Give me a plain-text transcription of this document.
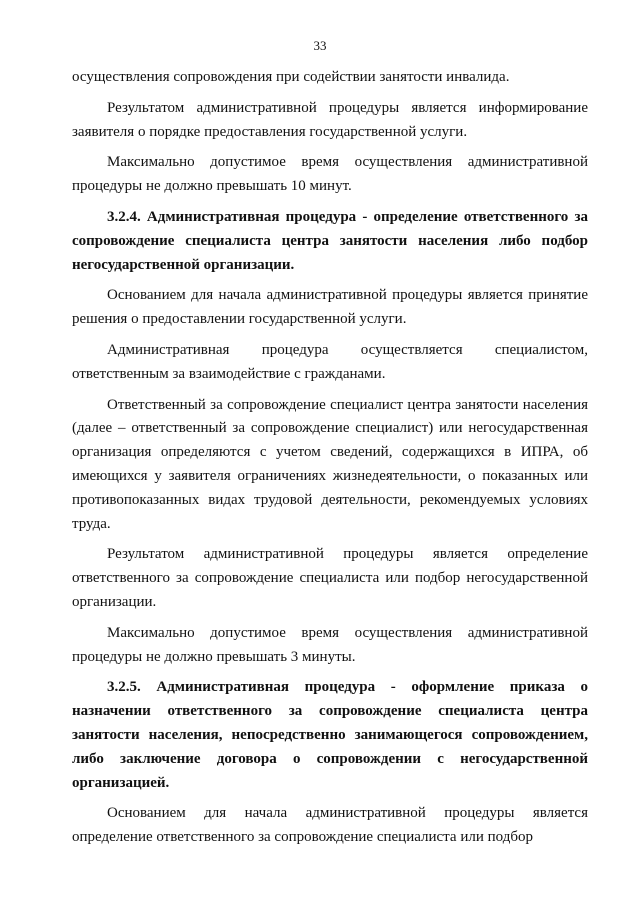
33

осуществления сопровождения при содействии занятости инвалида.

Результатом административной процедуры является информирование заявителя о порядке предоставления государственной услуги.

Максимально допустимое время осуществления административной процедуры не должно превышать 10 минут.

3.2.4. Административная процедура - определение ответственного за сопровождение специалиста центра занятости населения либо подбор негосударственной организации.

Основанием для начала административной процедуры является принятие решения о предоставлении государственной услуги.

Административная процедура осуществляется специалистом, ответственным за взаимодействие с гражданами.

Ответственный за сопровождение специалист центра занятости населения (далее – ответственный за сопровождение специалист) или негосударственная организация определяются с учетом сведений, содержащихся в ИПРА, об имеющихся у заявителя ограничениях жизнедеятельности, о показанных или противопоказанных видах трудовой деятельности, рекомендуемых условиях труда.

Результатом административной процедуры является определение ответственного за сопровождение специалиста или подбор негосударственной организации.

Максимально допустимое время осуществления административной процедуры не должно превышать 3 минуты.

3.2.5. Административная процедура - оформление приказа о назначении ответственного за сопровождение специалиста центра занятости населения, непосредственно занимающегося сопровождением, либо заключение договора о сопровождении с негосударственной организацией.

Основанием для начала административной процедуры является определение ответственного за сопровождение специалиста или подбор
